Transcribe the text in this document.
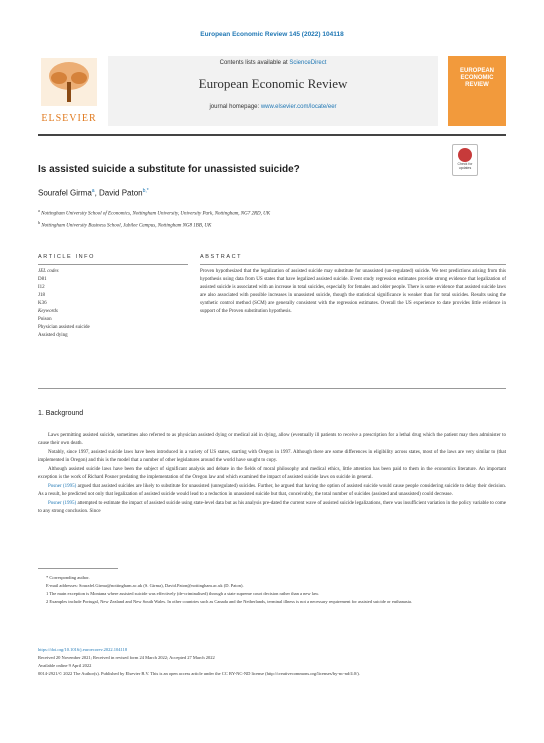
European Economic Review 145 (2022) 104118
ELSEVIER
Contents lists available at ScienceDirect
European Economic Review
journal homepage: www.elsevier.com/locate/eer
EUROPEAN ECONOMIC REVIEW
Is assisted suicide a substitute for unassisted suicide?	Check for updates
Sourafel Girma$^a$, David Paton$^{b,*}$
$^a$ Nottingham University School of Economics, Nottingham University, University Park, Nottingham, NG7 2RD, UK
$^b$ Nottingham University Business School, Jubilee Campus, Nottingham NG8 1BB, UK
ARTICLE INFO	ABSTRACT
JEL codes
D81
I12
J18
K36
Keywords
Poison
Physician assisted suicide
Assisted dying

Proven hypothesized that the legalization of assisted suicide may substitute for unassisted (un-regulated) suicide. We test predictions arising from this hypothesis using data from US states that have legalized assisted suicide. Event study regression estimates provide strong evidence that legalization of assisted suicide is associated with an increase in total suicides, especially for females and older people. There is some evidence that assisted suicide laws are also associated with possible increases in unassisted suicide, though the statistical significance is weaker than for total suicides. Results using the synthetic control method (SCM) are generally consistent with the regression estimates. Overall the US experience to date provides little evidence in support of the Proven substitution hypothesis.

1. Background

Laws permitting assisted suicide, sometimes also referred to as physician assisted dying or medical aid in dying, allow (eventually ill patients to receive a prescription for a lethal drug which the patient may then administer to cause their own death.

Notably, since 1997, assisted suicide laws have been introduced in a variety of US states, starting with Oregon in 1997. Although there are some differences in eligibility across states, most of the laws are very similar to (that implemented in Oregon) and this is the model that a number of other legislatures around the world have sought to copy.

Although assisted suicide laws have been the subject of significant analysis and debate in the fields of moral philosophy and medical ethics, little attention has been paid to them in the economics literature. An important exception is the work of Richard Posner predating the implementation of the Oregon law and which examined the impact of assisted suicide laws on suicide in general.

Posner (1995) argued that assisted suicides are likely to substitute for unassisted (unregulated) suicides. Further, he argued that having the option of assisted suicide would cause people considering suicide to delay their decision. As a result, he predicted not only that legalization of assisted suicide would lead to a reduction in unassisted suicide but that, conceivably, the total number of suicides (assisted and unassisted) could decrease.

Posner (1995) attempted to estimate the impact of assisted suicide using state-level data but as his analysis pre-dated the current wave of assisted suicide legalizations, there was insufficient variation in the policy variable to come to any strong conclusion. Since

* Corresponding author.

E-mail addresses: Sourafel.Girma@nottingham.ac.uk (S. Girma), David.Paton@nottingham.ac.uk (D. Paton).

1 The main exception is Montana where assisted suicide was effectively (de-criminalised) through a state supreme court decision rather than a new law.

2 Examples include Portugal, New Zealand and New South Wales. In other countries such as Canada and the Netherlands, terminal illness is not a necessary requirement for assisted suicide or euthanasia.

https://doi.org/10.1016/j.euroecorev.2022.104118

Received 20 November 2021; Received in revised form 24 March 2022; Accepted 27 March 2022

Available online 9 April 2022

0014-2921/© 2022 The Author(s). Published by Elsevier B.V. This is an open access article under the CC BY-NC-ND license (http://creativecommons.org/licenses/by-nc-nd/4.0/).
